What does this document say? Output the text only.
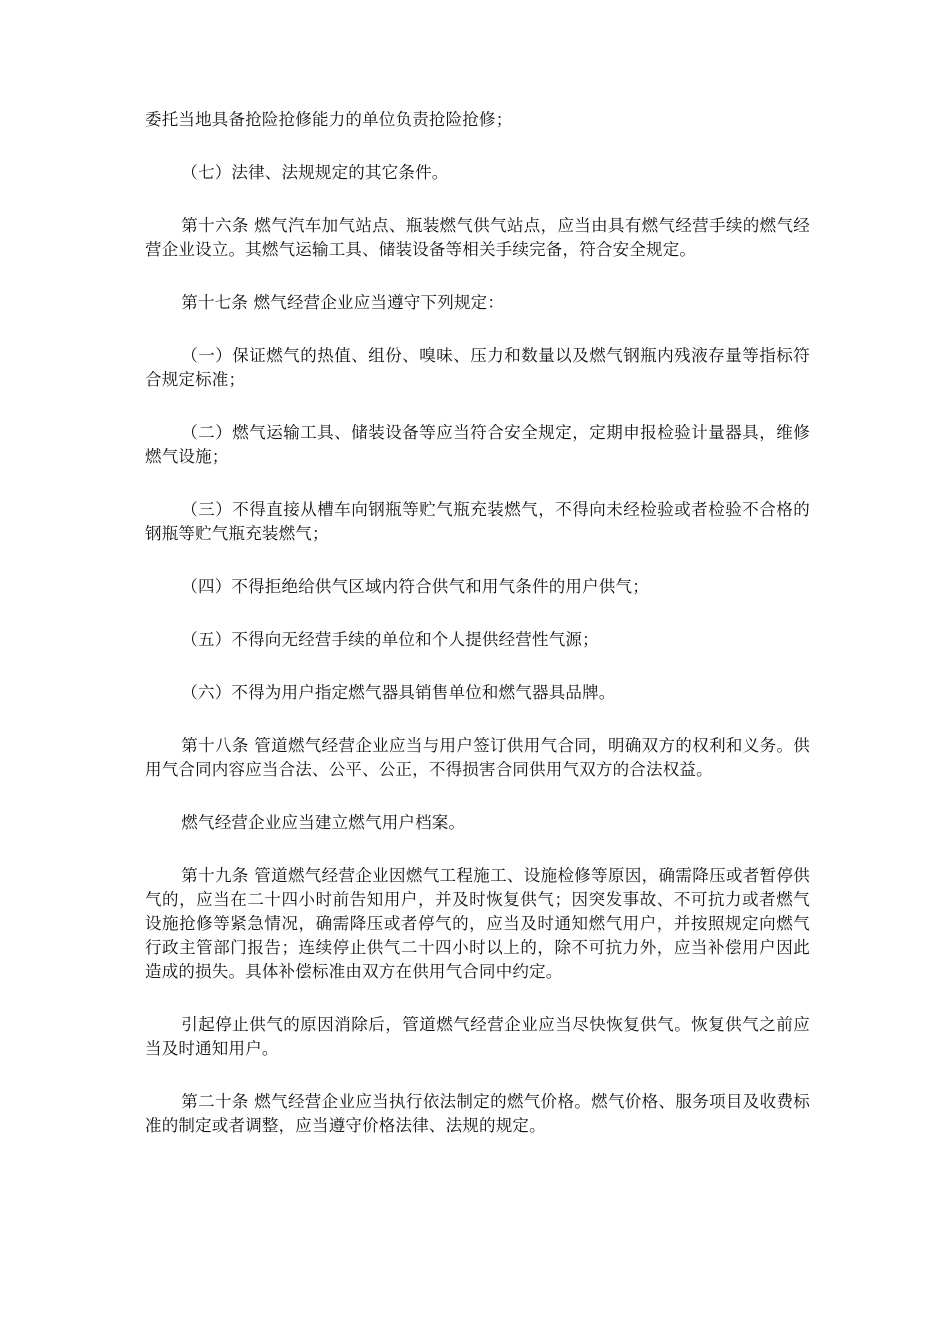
委托当地具备抢险抢修能力的单位负责抢险抢修；

（七）法律、法规规定的其它条件。

第十六条 燃气汽车加气站点、瓶装燃气供气站点，应当由具有燃气经营手续的燃气经营企业设立。其燃气运输工具、储装设备等相关手续完备，符合安全规定。

第十七条 燃气经营企业应当遵守下列规定：

（一）保证燃气的热值、组份、嗅味、压力和数量以及燃气钢瓶内残液存量等指标符合规定标准；

（二）燃气运输工具、储装设备等应当符合安全规定，定期申报检验计量器具，维修燃气设施；

（三）不得直接从槽车向钢瓶等贮气瓶充装燃气，不得向未经检验或者检验不合格的钢瓶等贮气瓶充装燃气；

（四）不得拒绝给供气区域内符合供气和用气条件的用户供气；

（五）不得向无经营手续的单位和个人提供经营性气源；

（六）不得为用户指定燃气器具销售单位和燃气器具品牌。

第十八条 管道燃气经营企业应当与用户签订供用气合同，明确双方的权利和义务。供用气合同内容应当合法、公平、公正，不得损害合同供用气双方的合法权益。

燃气经营企业应当建立燃气用户档案。

第十九条 管道燃气经营企业因燃气工程施工、设施检修等原因，确需降压或者暂停供气的，应当在二十四小时前告知用户，并及时恢复供气；因突发事故、不可抗力或者燃气设施抢修等紧急情况，确需降压或者停气的，应当及时通知燃气用户，并按照规定向燃气行政主管部门报告；连续停止供气二十四小时以上的，除不可抗力外，应当补偿用户因此造成的损失。具体补偿标准由双方在供用气合同中约定。

引起停止供气的原因消除后，管道燃气经营企业应当尽快恢复供气。恢复供气之前应当及时通知用户。

第二十条 燃气经营企业应当执行依法制定的燃气价格。燃气价格、服务项目及收费标准的制定或者调整，应当遵守价格法律、法规的规定。
